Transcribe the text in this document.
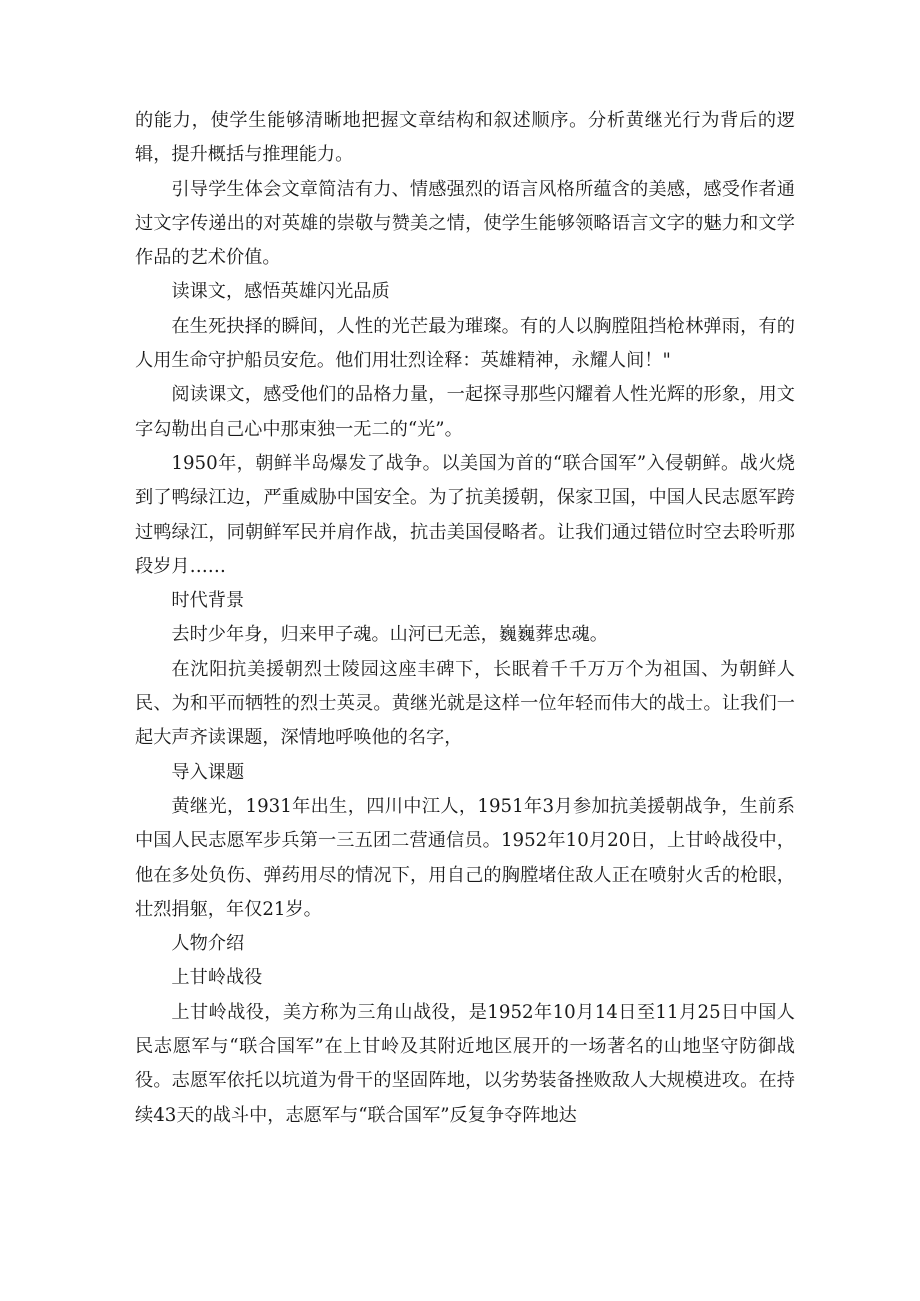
的能力，使学生能够清晰地把握文章结构和叙述顺序。分析黄继光行为背后的逻辑，提升概括与推理能力。

引导学生体会文章简洁有力、情感强烈的语言风格所蕴含的美感，感受作者通过文字传递出的对英雄的崇敬与赞美之情，使学生能够领略语言文字的魅力和文学作品的艺术价值。

读课文，感悟英雄闪光品质

在生死抉择的瞬间，人性的光芒最为璀璨。有的人以胸膛阻挡枪林弹雨，有的人用生命守护船员安危。他们用壮烈诠释：英雄精神，永耀人间！"

阅读课文，感受他们的品格力量，一起探寻那些闪耀着人性光辉的形象，用文字勾勒出自己心中那束独一无二的“光”。

1950年，朝鲜半岛爆发了战争。以美国为首的“联合国军”入侵朝鲜。战火烧到了鸭绿江边，严重威胁中国安全。为了抗美援朝，保家卫国，中国人民志愿军跨过鸭绿江，同朝鲜军民并肩作战，抗击美国侵略者。让我们通过错位时空去聆听那段岁月……

时代背景

去时少年身，归来甲子魂。山河已无恙，巍巍葬忠魂。

在沈阳抗美援朝烈士陵园这座丰碑下，长眠着千千万万个为祖国、为朝鲜人民、为和平而牺牲的烈士英灵。黄继光就是这样一位年轻而伟大的战士。让我们一起大声齐读课题，深情地呼唤他的名字，

导入课题

黄继光，1931年出生，四川中江人，1951年3月参加抗美援朝战争，生前系中国人民志愿军步兵第一三五团二营通信员。1952年10月20日，上甘岭战役中，他在多处负伤、弹药用尽的情况下，用自己的胸膛堵住敌人正在喷射火舌的枪眼，壮烈捐躯，年仅21岁。

人物介绍

上甘岭战役

上甘岭战役，美方称为三角山战役，是1952年10月14日至11月25日中国人民志愿军与“联合国军”在上甘岭及其附近地区展开的一场著名的山地坚守防御战役。志愿军依托以坑道为骨干的坚固阵地，以劣势装备挫败敌人大规模进攻。在持续43天的战斗中，志愿军与“联合国军”反复争夺阵地达
